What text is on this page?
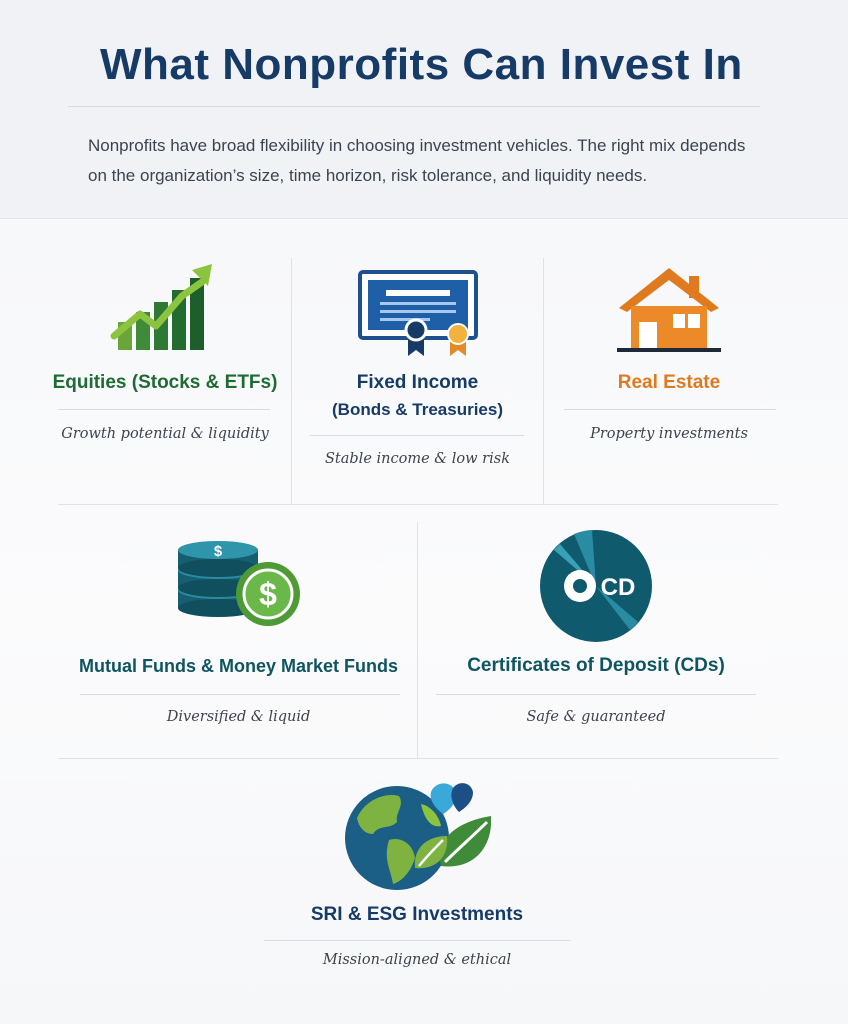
What Nonprofits Can Invest In
Nonprofits have broad flexibility in choosing investment vehicles. The right mix depends on the organization’s size, time horizon, risk tolerance, and liquidity needs.
Equities (Stocks & ETFs)
Growth potential & liquidity
Fixed Income
(Bonds & Treasuries)
Stable income & low risk
Real Estate
Property investments
$
$
Mutual Funds & Money Market Funds
Diversified & liquid
CD
Certificates of Deposit (CDs)
Safe & guaranteed
SRI & ESG Investments
Mission-aligned & ethical
